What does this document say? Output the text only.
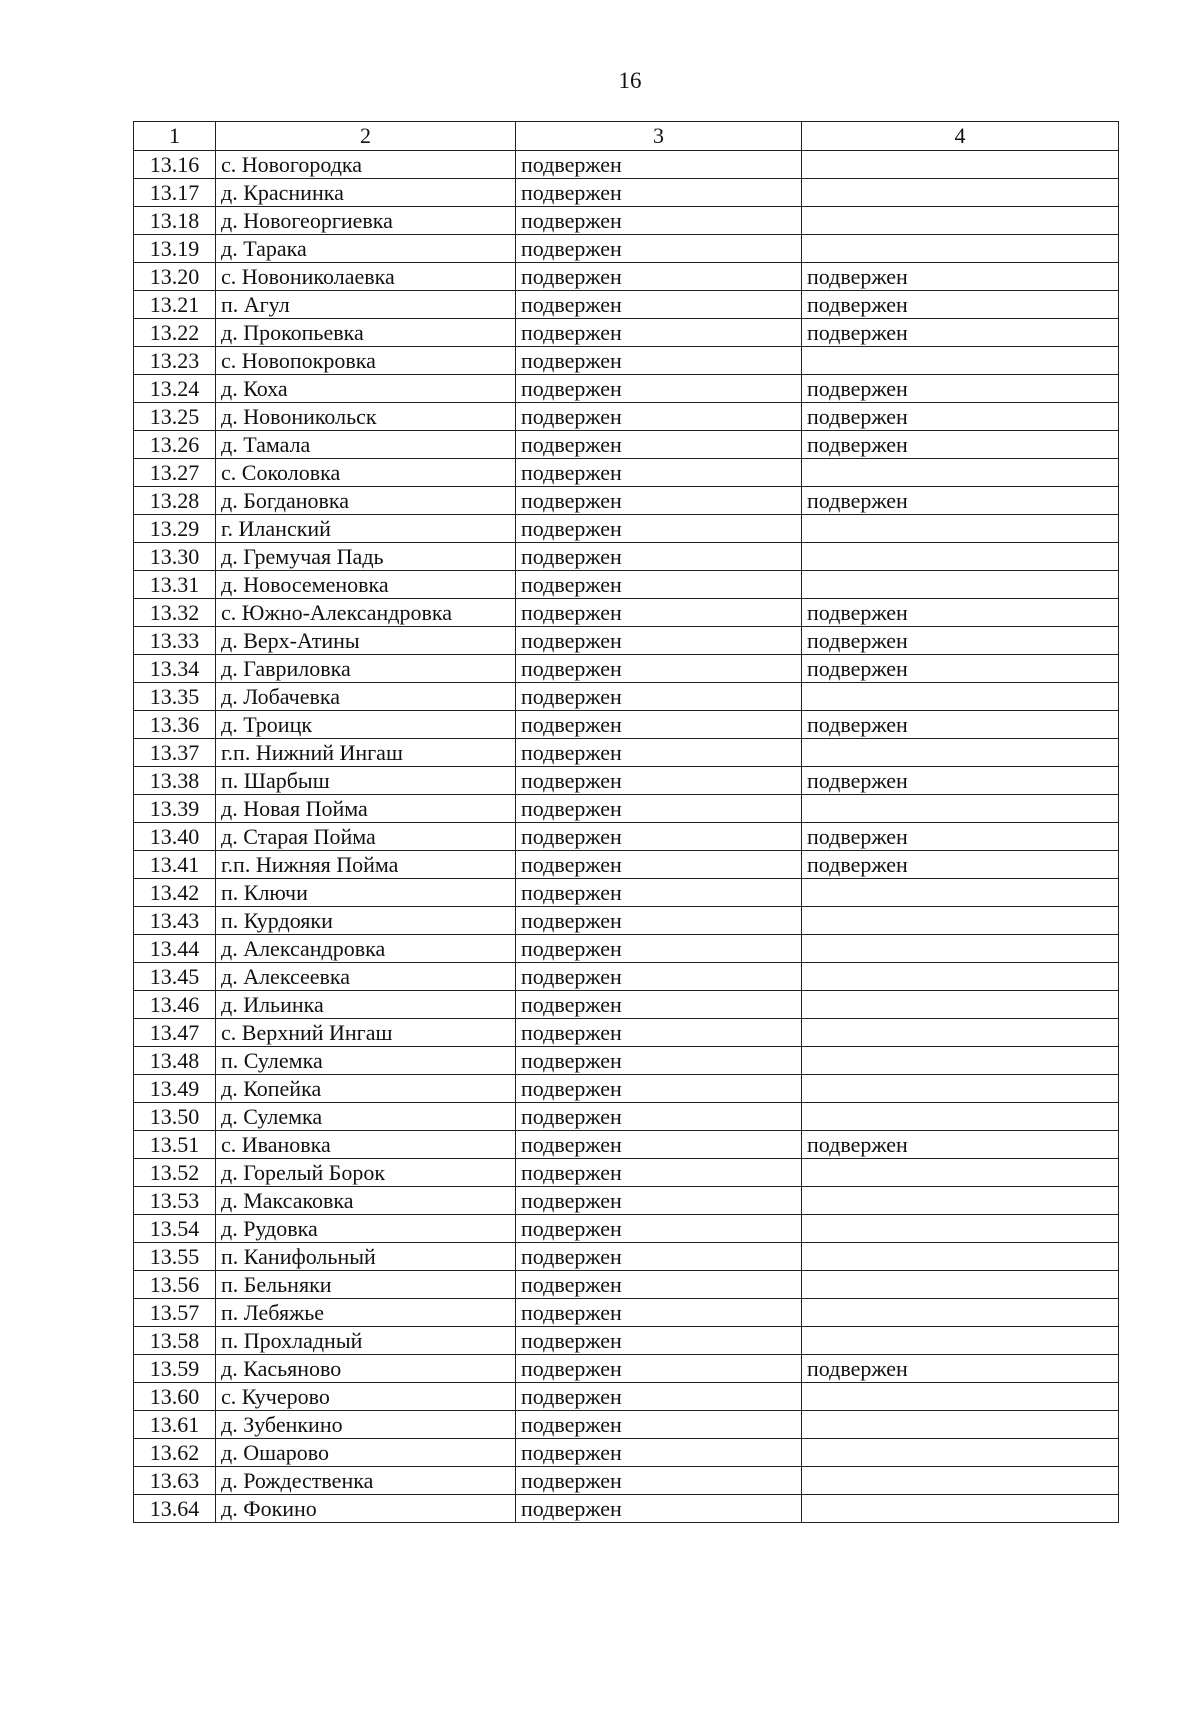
16
1	2	3	4
13.16	с. Новогородка	подвержен	
13.17	д. Краснинка	подвержен	
13.18	д. Новогеоргиевка	подвержен	
13.19	д. Тарака	подвержен	
13.20	с. Новониколаевка	подвержен	подвержен
13.21	п. Агул	подвержен	подвержен
13.22	д. Прокопьевка	подвержен	подвержен
13.23	с. Новопокровка	подвержен	
13.24	д. Коха	подвержен	подвержен
13.25	д. Новоникольск	подвержен	подвержен
13.26	д. Тамала	подвержен	подвержен
13.27	с. Соколовка	подвержен	
13.28	д. Богдановка	подвержен	подвержен
13.29	г. Иланский	подвержен	
13.30	д. Гремучая Падь	подвержен	
13.31	д. Новосеменовка	подвержен	
13.32	с. Южно-Александровка	подвержен	подвержен
13.33	д. Верх-Атины	подвержен	подвержен
13.34	д. Гавриловка	подвержен	подвержен
13.35	д. Лобачевка	подвержен	
13.36	д. Троицк	подвержен	подвержен
13.37	г.п. Нижний Ингаш	подвержен	
13.38	п. Шарбыш	подвержен	подвержен
13.39	д. Новая Пойма	подвержен	
13.40	д. Старая Пойма	подвержен	подвержен
13.41	г.п. Нижняя Пойма	подвержен	подвержен
13.42	п. Ключи	подвержен	
13.43	п. Курдояки	подвержен	
13.44	д. Александровка	подвержен	
13.45	д. Алексеевка	подвержен	
13.46	д. Ильинка	подвержен	
13.47	с. Верхний Ингаш	подвержен	
13.48	п. Сулемка	подвержен	
13.49	д. Копейка	подвержен	
13.50	д. Сулемка	подвержен	
13.51	с. Ивановка	подвержен	подвержен
13.52	д. Горелый Борок	подвержен	
13.53	д. Максаковка	подвержен	
13.54	д. Рудовка	подвержен	
13.55	п. Канифольный	подвержен	
13.56	п. Бельняки	подвержен	
13.57	п. Лебяжье	подвержен	
13.58	п. Прохладный	подвержен	
13.59	д. Касьяново	подвержен	подвержен
13.60	с. Кучерово	подвержен	
13.61	д. Зубенкино	подвержен	
13.62	д. Ошарово	подвержен	
13.63	д. Рождественка	подвержен	
13.64	д. Фокино	подвержен	
